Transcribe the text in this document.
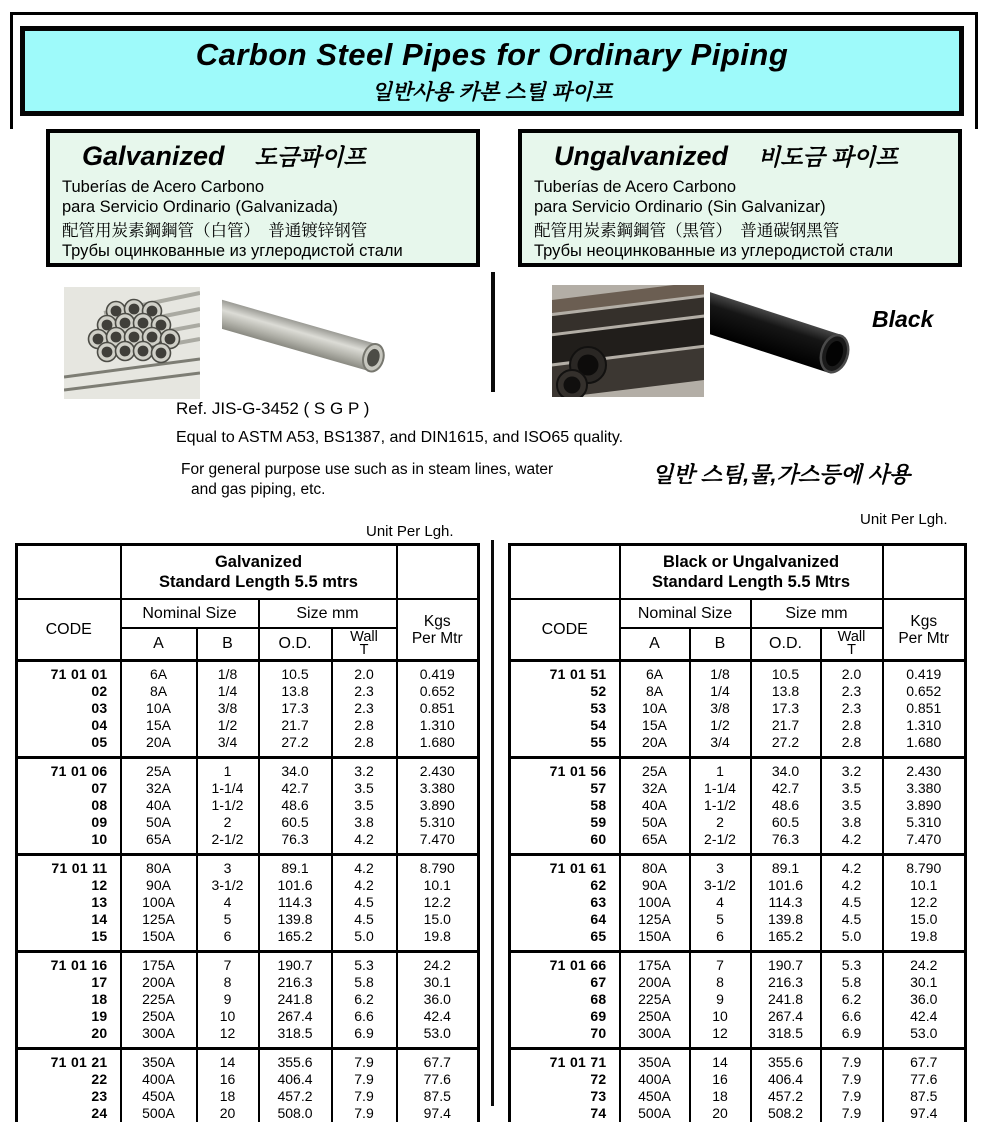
Carbon Steel Pipes for Ordinary Piping
일반사용 카본 스틸 파이프
Galvanized 도금파이프
Tuberías de Acero Carbono
para Servicio Ordinario (Galvanizada)
配管用炭素鋼鋼管（白管）　普通镀锌钢管
Трубы оцинкованные из углеродистой стали
Ungalvanized 비도금 파이프
Tuberías de Acero Carbono
para Servicio Ordinario (Sin Galvanizar)
配管用炭素鋼鋼管（黒管）　普通碳钢黑管
Трубы неоцинкованные из углеродистой стали
Black
Ref. JIS-G-3452 ( S G P )
Equal to ASTM A53, BS1387, and DIN1615, and ISO65 quality.
For general purpose use such as in steam lines, water
and gas piping, etc.
일반 스팀,물,가스등에 사용
Unit Per Lgh.
Unit Per Lgh.

	Galvanized
Standard Length 5.5 mtrs				

CODE	Nominal Size		Size mm		Kgs
Per Mtr

	A	B	O.D.	Wall
T	

71 01 01	6A	1/8	10.5	2.0	0.419
02	8A	1/4	13.8	2.3	0.652
03	10A	3/8	17.3	2.3	0.851
04	15A	1/2	21.7	2.8	1.310
05	20A	3/4	27.2	2.8	1.680
71 01 06	25A	1	34.0	3.2	2.430
07	32A	1-1/4	42.7	3.5	3.380
08	40A	1-1/2	48.6	3.5	3.890
09	50A	2	60.5	3.8	5.310
10	65A	2-1/2	76.3	4.2	7.470
71 01 11	80A	3	89.1	4.2	8.790
12	90A	3-1/2	101.6	4.2	10.1
13	100A	4	114.3	4.5	12.2
14	125A	5	139.8	4.5	15.0
15	150A	6	165.2	5.0	19.8
71 01 16	175A	7	190.7	5.3	24.2
17	200A	8	216.3	5.8	30.1
18	225A	9	241.8	6.2	36.0
19	250A	10	267.4	6.6	42.4
20	300A	12	318.5	6.9	53.0
71 01 21	350A	14	355.6	7.9	67.7
22	400A	16	406.4	7.9	77.6
23	450A	18	457.2	7.9	87.5
24	500A	20	508.0	7.9	97.4

	Black or Ungalvanized
Standard Length 5.5 Mtrs				

CODE	Nominal Size		Size mm		Kgs
Per Mtr

	A	B	O.D.	Wall
T	

71 01 51	6A	1/8	10.5	2.0	0.419
52	8A	1/4	13.8	2.3	0.652
53	10A	3/8	17.3	2.3	0.851
54	15A	1/2	21.7	2.8	1.310
55	20A	3/4	27.2	2.8	1.680
71 01 56	25A	1	34.0	3.2	2.430
57	32A	1-1/4	42.7	3.5	3.380
58	40A	1-1/2	48.6	3.5	3.890
59	50A	2	60.5	3.8	5.310
60	65A	2-1/2	76.3	4.2	7.470
71 01 61	80A	3	89.1	4.2	8.790
62	90A	3-1/2	101.6	4.2	10.1
63	100A	4	114.3	4.5	12.2
64	125A	5	139.8	4.5	15.0
65	150A	6	165.2	5.0	19.8
71 01 66	175A	7	190.7	5.3	24.2
67	200A	8	216.3	5.8	30.1
68	225A	9	241.8	6.2	36.0
69	250A	10	267.4	6.6	42.4
70	300A	12	318.5	6.9	53.0
71 01 71	350A	14	355.6	7.9	67.7
72	400A	16	406.4	7.9	77.6
73	450A	18	457.2	7.9	87.5
74	500A	20	508.2	7.9	97.4
